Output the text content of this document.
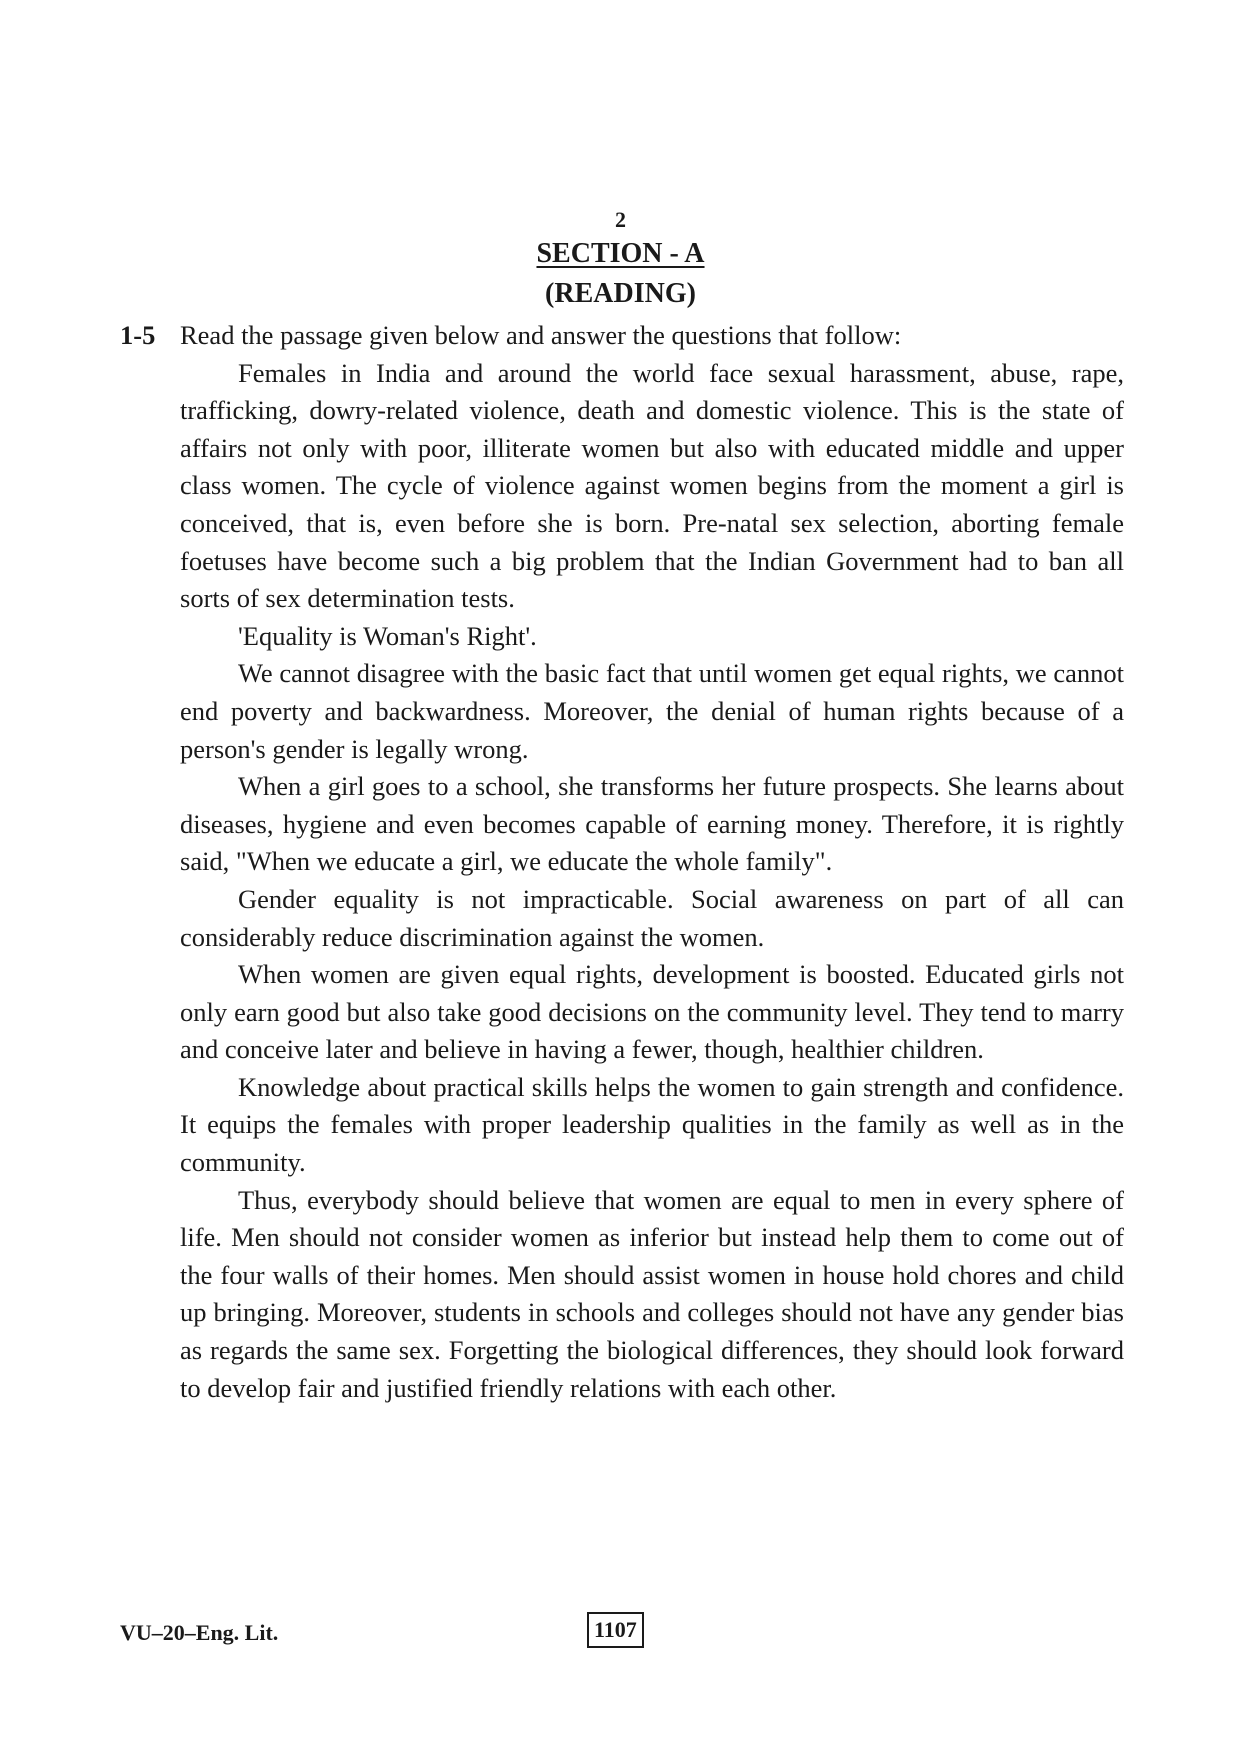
2
SECTION - A
(READING)
1-5 Read the passage given below and answer the questions that follow:

Females in India and around the world face sexual harassment, abuse, rape, trafficking, dowry-related violence, death and domestic violence. This is the state of affairs not only with poor, illiterate women but also with educated middle and upper class women. The cycle of violence against women begins from the moment a girl is conceived, that is, even before she is born. Pre-natal sex selection, aborting female foetuses have become such a big problem that the Indian Government had to ban all sorts of sex determination tests.

'Equality is Woman's Right'.

We cannot disagree with the basic fact that until women get equal rights, we cannot end poverty and backwardness. Moreover, the denial of human rights because of a person's gender is legally wrong.

When a girl goes to a school, she transforms her future prospects. She learns about diseases, hygiene and even becomes capable of earning money. Therefore, it is rightly said, "When we educate a girl, we educate the whole family".

Gender equality is not impracticable. Social awareness on part of all can considerably reduce discrimination against the women.

When women are given equal rights, development is boosted. Educated girls not only earn good but also take good decisions on the community level. They tend to marry and conceive later and believe in having a fewer, though, healthier children.

Knowledge about practical skills helps the women to gain strength and confidence. It equips the females with proper leadership qualities in the family as well as in the community.

Thus, everybody should believe that women are equal to men in every sphere of life. Men should not consider women as inferior but instead help them to come out of the four walls of their homes. Men should assist women in house hold chores and child up bringing. Moreover, students in schools and colleges should not have any gender bias as regards the same sex. Forgetting the biological differences, they should look forward to develop fair and justified friendly relations with each other.

VU–20–Eng. Lit.	1107
